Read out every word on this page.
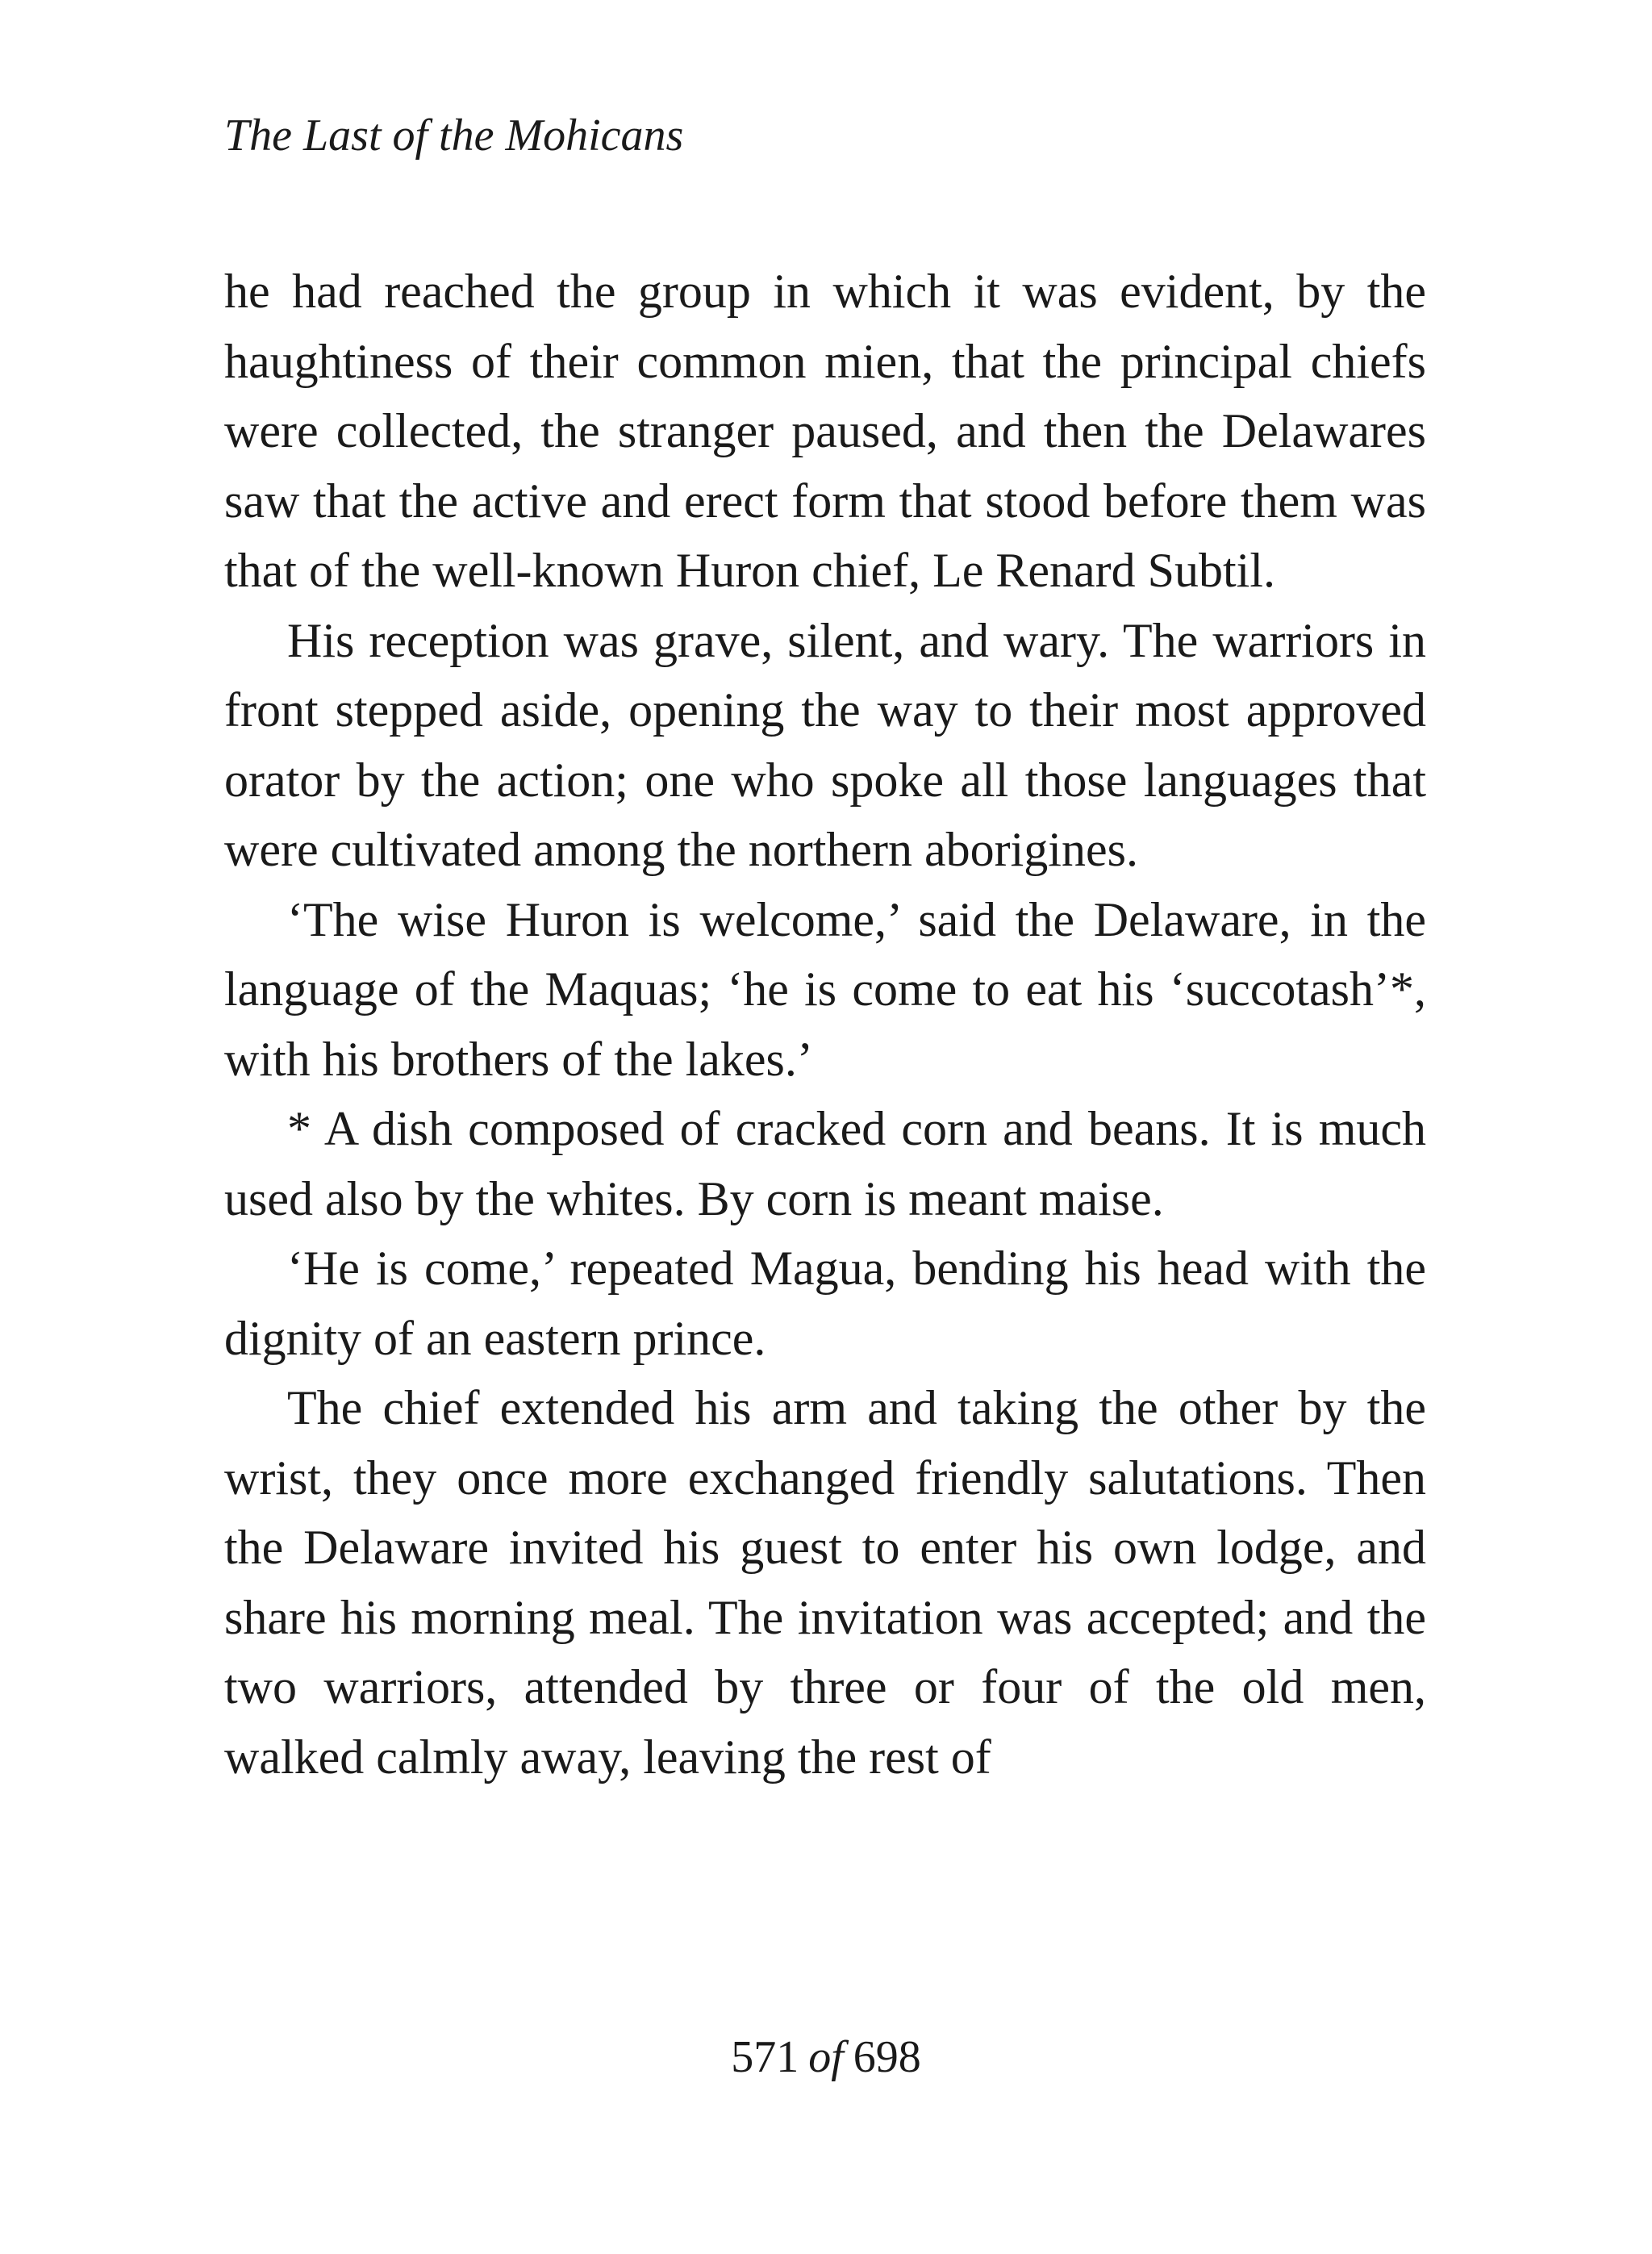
The Last of the Mohicans

he had reached the group in which it was evident, by the haughtiness of their common mien, that the principal chiefs were collected, the stranger paused, and then the Delawares saw that the active and erect form that stood before them was that of the well-known Huron chief, Le Renard Subtil.

His reception was grave, silent, and wary. The warriors in front stepped aside, opening the way to their most approved orator by the action; one who spoke all those languages that were cultivated among the northern aborigines.

‘The wise Huron is welcome,’ said the Delaware, in the language of the Maquas; ‘he is come to eat his ‘succotash’*, with his brothers of the lakes.’

* A dish composed of cracked corn and beans. It is much used also by the whites. By corn is meant maise.

‘He is come,’ repeated Magua, bending his head with the dignity of an eastern prince.

The chief extended his arm and taking the other by the wrist, they once more exchanged friendly salutations. Then the Delaware invited his guest to enter his own lodge, and share his morning meal. The invitation was accepted; and the two warriors, attended by three or four of the old men, walked calmly away, leaving the rest of

571 of 698
